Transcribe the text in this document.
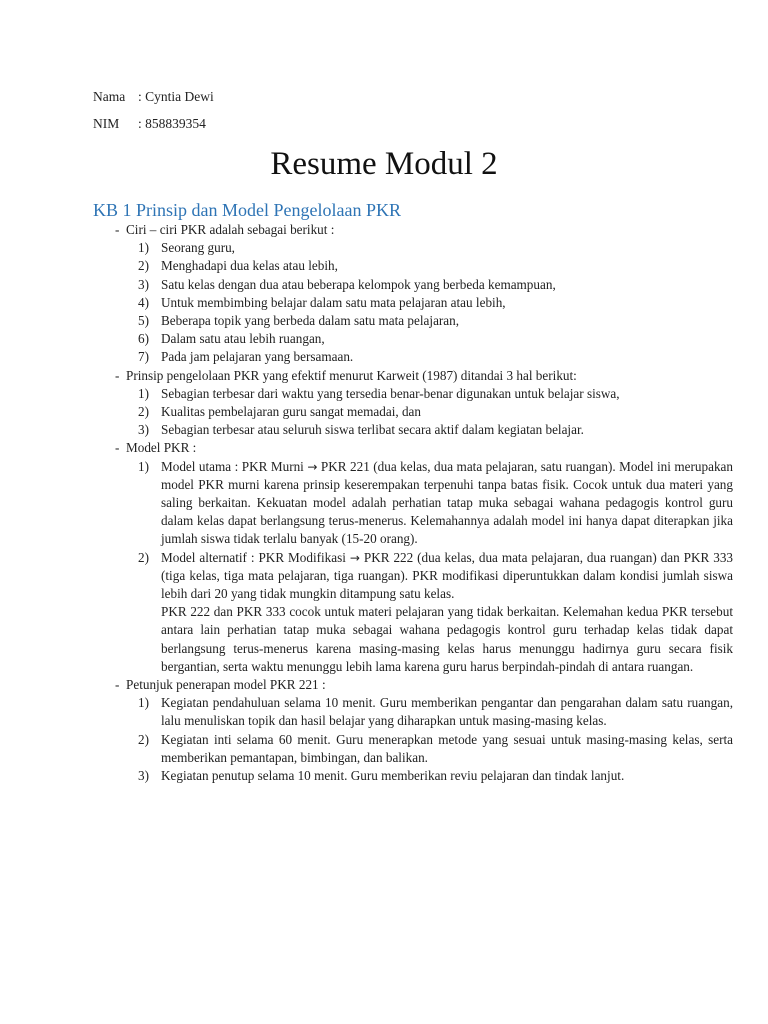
Nama : Cyntia Dewi
NIM : 858839354
Resume Modul 2
KB 1 Prinsip dan Model Pengelolaan PKR
- Ciri – ciri PKR adalah sebagai berikut :
1) Seorang guru,
2) Menghadapi dua kelas atau lebih,
3) Satu kelas dengan dua atau beberapa kelompok yang berbeda kemampuan,
4) Untuk membimbing belajar dalam satu mata pelajaran atau lebih,
5) Beberapa topik yang berbeda dalam satu mata pelajaran,
6) Dalam satu atau lebih ruangan,
7) Pada jam pelajaran yang bersamaan.
- Prinsip pengelolaan PKR yang efektif menurut Karweit (1987) ditandai 3 hal berikut:
1) Sebagian terbesar dari waktu yang tersedia benar-benar digunakan untuk belajar siswa,
2) Kualitas pembelajaran guru sangat memadai, dan
3) Sebagian terbesar atau seluruh siswa terlibat secara aktif dalam kegiatan belajar.
- Model PKR :
1) Model utama : PKR Murni → PKR 221 (dua kelas, dua mata pelajaran, satu ruangan). Model ini merupakan model PKR murni karena prinsip keserempakan terpenuhi tanpa batas fisik. Cocok untuk dua materi yang saling berkaitan. Kekuatan model adalah perhatian tatap muka sebagai wahana pedagogis kontrol guru dalam kelas dapat berlangsung terus-menerus. Kelemahannya adalah model ini hanya dapat diterapkan jika jumlah siswa tidak terlalu banyak (15-20 orang).
2) Model alternatif : PKR Modifikasi → PKR 222 (dua kelas, dua mata pelajaran, dua ruangan) dan PKR 333 (tiga kelas, tiga mata pelajaran, tiga ruangan). PKR modifikasi diperuntukkan dalam kondisi jumlah siswa lebih dari 20 yang tidak mungkin ditampung satu kelas.
PKR 222 dan PKR 333 cocok untuk materi pelajaran yang tidak berkaitan. Kelemahan kedua PKR tersebut antara lain perhatian tatap muka sebagai wahana pedagogis kontrol guru terhadap kelas tidak dapat berlangsung terus-menerus karena masing-masing kelas harus menunggu hadirnya guru secara fisik bergantian, serta waktu menunggu lebih lama karena guru harus berpindah-pindah di antara ruangan.
- Petunjuk penerapan model PKR 221 :
1) Kegiatan pendahuluan selama 10 menit. Guru memberikan pengantar dan pengarahan dalam satu ruangan, lalu menuliskan topik dan hasil belajar yang diharapkan untuk masing-masing kelas.
2) Kegiatan inti selama 60 menit. Guru menerapkan metode yang sesuai untuk masing-masing kelas, serta memberikan pemantapan, bimbingan, dan balikan.
3) Kegiatan penutup selama 10 menit. Guru memberikan reviu pelajaran dan tindak lanjut.
